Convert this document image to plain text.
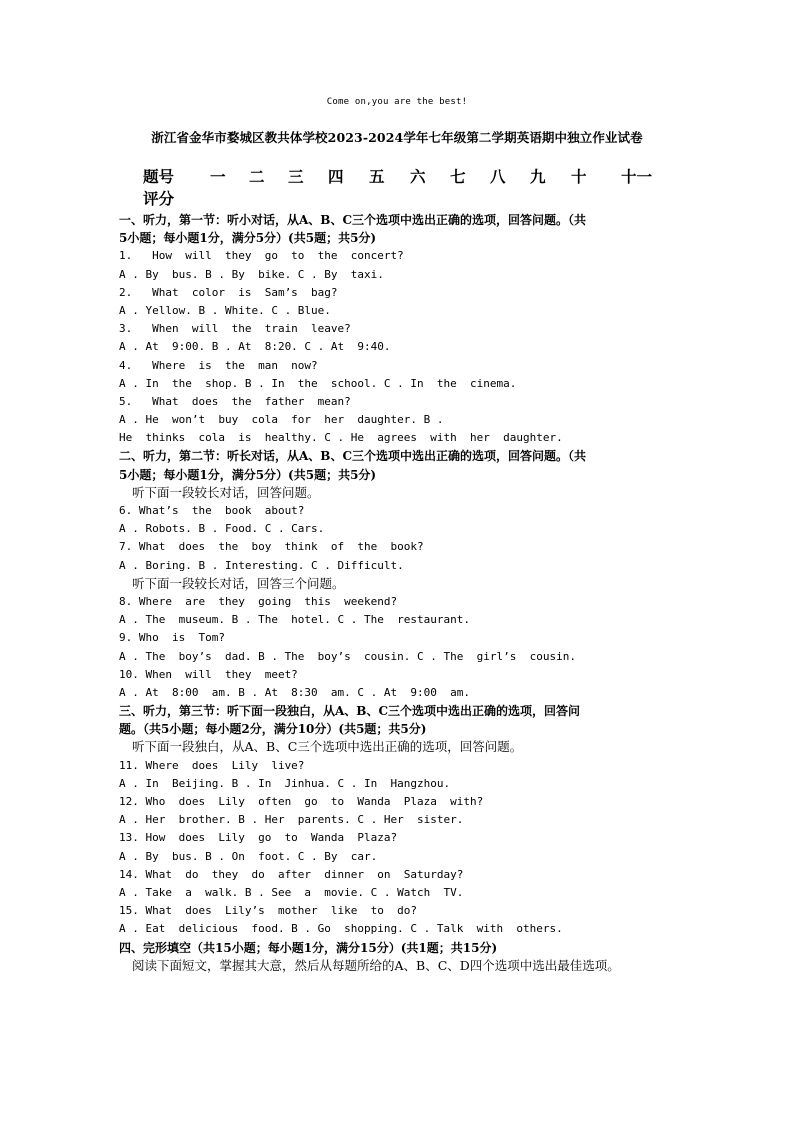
Come on,you are the best!
浙江省金华市婺城区教共体学校2023-2024学年七年级第二学期英语期中独立作业试卷
题号 一 二 三 四 五 六 七 八 九 十 十一
评分
一、听力，第一节：听小对话，从A、B、C三个选项中选出正确的选项，回答问题。（共
5小题；每小题1分，满分5分）(共5题；共5分)
1.   How  will  they  go  to  the  concert?
A . By  bus. B . By  bike. C . By  taxi.
2.   What  color  is  Sam’s  bag?
A . Yellow. B . White. C . Blue.
3.   When  will  the  train  leave?
A . At  9:00. B . At  8:20. C . At  9:40.
4.   Where  is  the  man  now?
A . In  the  shop. B . In  the  school. C . In  the  cinema.
5.   What  does  the  father  mean?
A . He  won’t  buy  cola  for  her  daughter. B .
He  thinks  cola  is  healthy. C . He  agrees  with  her  daughter.
二、听力，第二节：听长对话，从A、B、C三个选项中选出正确的选项，回答问题。（共
5小题；每小题1分，满分5分）(共5题；共5分)
听下面一段较长对话，回答问题。
6. What’s  the  book  about?
A . Robots. B . Food. C . Cars.
7. What  does  the  boy  think  of  the  book?
A . Boring. B . Interesting. C . Difficult.
听下面一段较长对话，回答三个问题。
8. Where  are  they  going  this  weekend?
A . The  museum. B . The  hotel. C . The  restaurant.
9. Who  is  Tom?
A . The  boy’s  dad. B . The  boy’s  cousin. C . The  girl’s  cousin.
10. When  will  they  meet?
A . At  8:00  am. B . At  8:30  am. C . At  9:00  am.
三、听力，第三节：听下面一段独白，从A、B、C三个选项中选出正确的选项，回答问
题。（共5小题；每小题2分，满分10分）(共5题；共5分)
听下面一段独白，从A、B、C三个选项中选出正确的选项，回答问题。
11. Where  does  Lily  live?
A . In  Beijing. B . In  Jinhua. C . In  Hangzhou.
12. Who  does  Lily  often  go  to  Wanda  Plaza  with?
A . Her  brother. B . Her  parents. C . Her  sister.
13. How  does  Lily  go  to  Wanda  Plaza?
A . By  bus. B . On  foot. C . By  car.
14. What  do  they  do  after  dinner  on  Saturday?
A . Take  a  walk. B . See  a  movie. C . Watch  TV.
15. What  does  Lily’s  mother  like  to  do?
A . Eat  delicious  food. B . Go  shopping. C . Talk  with  others.
四、完形填空（共15小题；每小题1分，满分15分）(共1题；共15分)
阅读下面短文，掌握其大意，然后从每题所给的A、B、C、D四个选项中选出最佳选项。
